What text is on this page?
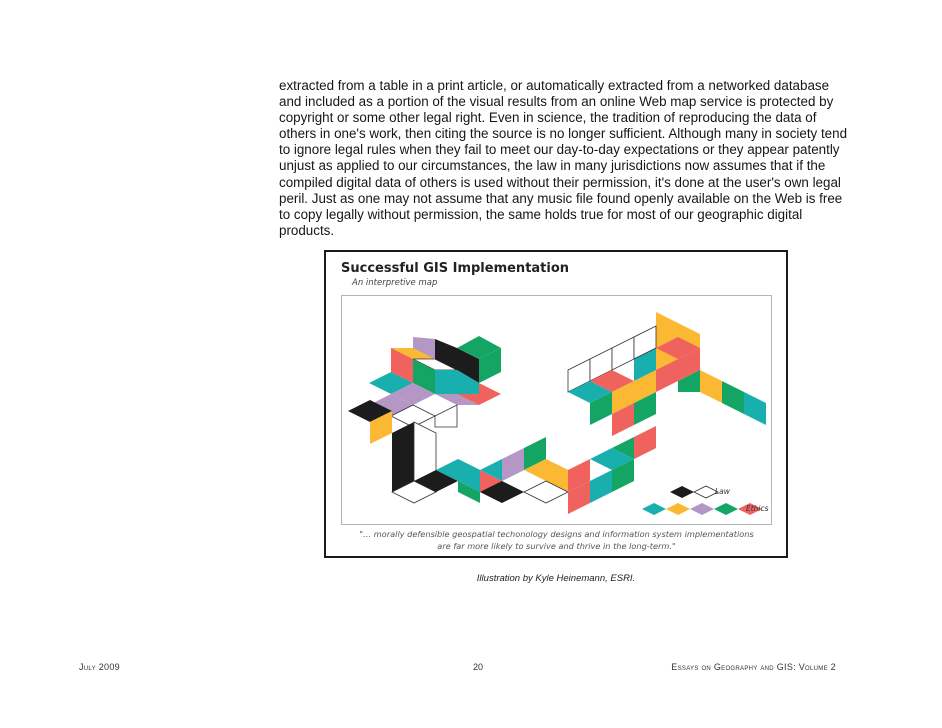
extracted from a table in a print article, or automatically extracted from a networked database
and included as a portion of the visual results from an online Web map service is protected by
copyright or some other legal right. Even in science, the tradition of reproducing the data of
others in one's work, then citing the source is no longer sufficient. Although many in society tend
to ignore legal rules when they fail to meet our day-to-day expectations or they appear patently
unjust as applied to our circumstances, the law in many jurisdictions now assumes that if the
compiled digital data of others is used without their permission, it's done at the user's own legal
peril. Just as one may not assume that any music file found openly available on the Web is free
to copy legally without permission, the same holds true for most of our geographic digital
products.
Successful GIS Implementation
An interpretive map
Law
Ethics
"… morally defensible geospatial techonology designs and information system implementations
are far more likely to survive and thrive in the long-term."
Illustration by Kyle Heinemann, ESRI.
July 2009	20	Essays on Geography and GIS: Volume 2
